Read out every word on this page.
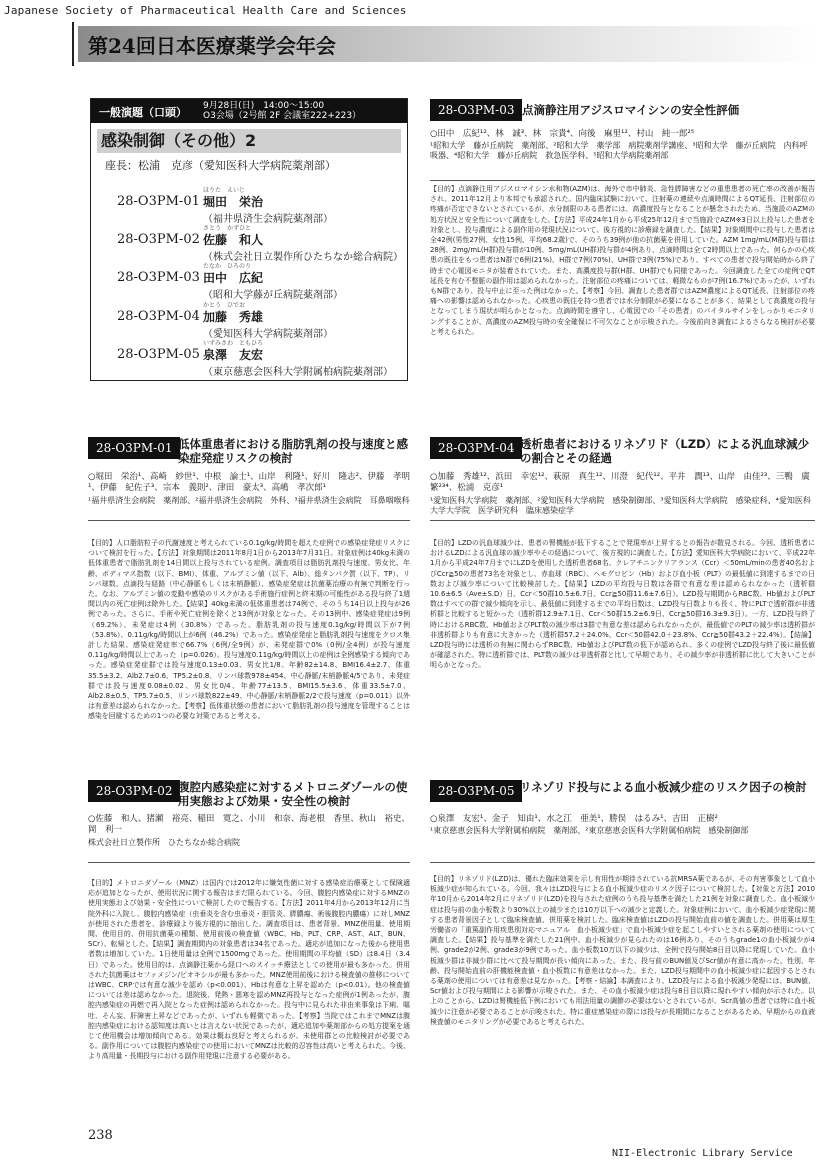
Japanese Society of Pharmaceutical Health Care and Sciences
第24回日本医療薬学会年会
一般演題（口頭） 9月28日(日)　14:00～15:00
O3会場（2号館 2F 会議室222+223）
感染制御（その他）2
座長：松浦　克彦（愛知医科大学病院薬剤部）
28-O3PM-01
ほりた　えいじ
堀田　栄治
（福井県済生会病院薬剤部）
28-O3PM-02
さとう　かずひと
佐藤　和人
（株式会社日立製作所ひたちなか総合病院）
28-O3PM-03
たなか　ひろのり
田中　広紀
（昭和大学藤が丘病院薬剤部）
28-O3PM-04
かとう　ひでお
加藤　秀雄
（愛知医科大学病院薬剤部）
28-O3PM-05
いずみさわ　ともひろ
泉澤　友宏
（東京慈恵会医科大学附属柏病院薬剤部）
28-O3PM-03 点滴静注用アジスロマイシンの安全性評価
○田中　広紀¹²、林　誠³、林　宗貴⁴、向後　麻里¹²、村山　純一郎²⁵
¹昭和大学　藤が丘病院　薬剤部、²昭和大学　薬学部　病院薬剤学講座、³昭和大学　藤が丘病院　内科呼吸器、⁴昭和大学　藤が丘病院　救急医学科、⁵昭和大学病院薬剤部
【目的】点滴静注用アジスロマイシン水和物(AZM)は、海外で市中肺炎、急性膵障害などの重患患者の死亡率の改善が報告され、2011年12月より本邦でも承認された。国内臨床試験において、注射薬の連続や点滴時間によるQT延長、注射部位の疼痛が否定できないとされているが、水分制限のある患者には、高濃度投与となることが懸念されたため、当施設のAZMの処方状況と安全性について調査をした。【方法】平成24年1月から平成25年12月まで当施設でAZM※3日以上投与した患者を対象とし、投与濃度による副作用の発現状況について、後方視的に診療録を調査した。【結果】対象期間中に投与した患者は全42例(男性27例、女性15例、平均68.2歳)で、そのうち39例が他の抗菌薬を併用していた。AZM 1mg/mL(M群)投与群は28例、2mg/mL(H群)投与群が10例、5mg/mL(UH群)投与群が4例あり、点滴時間は全て2時間以上であった。何らかの心疾患の既往をもつ患者はN群で6例(21%)、H群で7例(70%)、UH群で3例(75%)であり、すべての患者で投与開始時から終了時まで心電図モニタが装着されていた。また、高濃度投与群(H群、UH群)でも同様であった。今回調査した全ての症例でQT延長を有む不整脈の副作用は認められなかった。注射部位の疼痛については、軽微なものが7例(16.7%)であったが、いずれもN群であり、投与中止に至った例はなかった。【考察】今回、調査した患者群ではAZM濃度によるQT延長、注射部位の疼痛への影響は認められなかった。心疾患の既往を持つ患者では水分制限が必要になることが多く、結果として高濃度の投与となってしまう現状が明らかとなった。点滴時間を遵守し、心電図での「その患者」のバイタルサインをしっかりモニタリングすることが、高濃度のAZM投与時の安全確保に不可欠なことが示唆された。今後前向き調査によるさらなる検討が必要と考えられた。
28-O3PM-01 低体重患者における脂肪乳剤の投与速度と感染症発症リスクの検討
○堀田　栄治¹、高崎　紗世¹、中根　論士¹、山岸　利隆¹、好川　隆志²、伊藤　孝明¹、伊藤　紀佐子³、宗本　義則²、津田　豪太³、高嶋　孝次郎¹
¹福井県済生会病院　薬剤部、²福井県済生会病院　外科、³福井県済生会病院　耳鼻咽喉科
【目的】人口脂肪粒子の代謝速度と考えられている0.1g/kg/時間を超えた症例での感染症発症リスクについて検討を行った。【方法】対象期間は2011年8月1日から2013年7月31日。対象症例は40kg未満の低体重患者で脂肪乳剤を14日間以上投与されている症例。調査項目は脂肪乳剤投与速度、男女比、年齢、ボディマス指数（以下、BMI）、体重、アルブミン値（以下、Alb）、総タンパク質（以下、TP）、リンパ球数、点滴投与経路（中心静脈もしくは末梢静脈）、感染症発症は抗菌薬治療の有無で判断を行った。なお、アルブミン値の変動や感染のリスクがある手術施行症例と終末期の可能性がある投与終了1週間以内の死亡症例は除外した。【結果】40kg未満の低体重患者は74例で、そのうち14日以上投与が26例であった。さらに、手術や死亡症例を除くと13例が対象となった。その13例中、感染症発症は9例（69.2%）、未発症は4例（30.8%）であった。脂肪乳剤の投与速度0.1g/kg/時間以下が7例（53.8%）、0.11g/kg/時間以上が6例（46.2%）であった。感染症発症と脂肪乳剤投与速度をクロス集計した結果、感染症発症率で66.7%（6例/全9例）が、未発症群で0%（0例/全4例）が投与速度0.11g/kg/時間以上であった（p=0.026）。投与速度0.11g/kg/時間以上の症例は全例感染する傾向であった。感染症発症群では投与速度0.13±0.03、男女比1/8、年齢82±14.8、BMI16.4±2.7、体重35.5±3.2、Alb2.7±0.6、TP5.2±0.8、リンパ球数978±454、中心静脈/末梢静脈4/5であり、未発症群では投与速度0.08±0.02、男女比0/4、年齢77±13.5、BMI15.5±3.6、体重33.5±7.0、Alb2.8±0.5、TP5.7±0.5、リンパ球数822±49、中心静脈/末梢静脈2/2で投与速度（p=0.011）以外は有意差は認められなかった。【考察】低体重状態の患者において脂肪乳剤の投与速度を管理することは感染を回避するための1つの必要な対策であると考える。
28-O3PM-04 透析患者におけるリネゾリド（LZD）による汎血球減少の割合とその経過
○加藤　秀雄¹²、浜田　幸宏¹²、萩原　真生¹²、川澄　紀代¹²、平井　潤¹³、山岸　由佳²³、三鴨　廣繁²³⁴、松浦　克彦¹
¹愛知医科大学病院　薬剤部、²愛知医科大学病院　感染制御部、³愛知医科大学病院　感染症科、⁴愛知医科大学大学院　医学研究科　臨床感染症学
【目的】LZDの汎血球減少は、患者の腎機能が低下することで発現率が上昇するとの報告が散見される。今回、透析患者におけるLZDによる汎血球の減少率やその経過について、後方視的に調査した。【方法】愛知医科大学病院において、平成22年1月から平成24年7月までにLZDを使用した透析患者68名、クレアチニンクリアランス（Ccr）＜50mL/minの患者40名およびCcr≧50の患者73名を対象とし、赤血球（RBC）、ヘモグロビン（Hb）および血小板（PLT）の最低値に到達するまでの日数および減少率について比較検討した。【結果】LZDの平均投与日数は各群で有意な差は認められなかった（透析群10.6±6.5（Ave±S.D）日、Ccr＜50群10.5±6.7日、Ccr≧50群11.6±7.6日）。LZD投与期間からRBC数、Hb値およびPLT数はすべての群で減少傾向を示し、最低値に到達するまでの平均日数は、LZD投与日数よりも長く、特にPLTで透析群が非透析群と比較すると短かった（透析群12.9±7.1日、Ccr＜50群15.2±6.9日、Ccr≧50群16.3±9.3日）。一方、LZD投与終了時におけるRBC数、Hb値およびPLT数の減少率は3群で有意な差は認められなかったが、最低値でのPLTの減少率は透析群が非透析群よりも有意に大きかった（透析群57.2＋24.0%、Ccr＜50群42.0＋23.8%、Ccr≧50群43.2＋22.4%）。【結論】LZD投与時には透析の有無に関わらずRBC数、Hb値およびPLT数の低下が認められ、多くの症例でLZD投与終了後に最低値が確認された。特に透析群では、PLT数の減少は非透析群と比して早期であり、その減少率が非透析群に比して大きいことが明らかとなった。
28-O3PM-02 腹腔内感染症に対するメトロニダゾールの使用実態および効果・安全性の検討
○佐藤　和人、猪瀬　裕亮、稲田　寛之、小川　和奈、海老根　香里、秋山　裕史、岡　利一
株式会社日立製作所　ひたちなか総合病院
【目的】メトロニダゾール（MNZ）は国内では2012年に嫌気性菌に対する感染症治療薬として保険適応が追加となったが、使用状況に関する報告はまだ限られている。今回、腹腔内感染症に対するMNZの使用実態および効果・安全性について検討したので報告する。【方法】2011年4月から2013年12月に当院外科に入院し、腹腔内感染症（虫垂炎を含む虫垂炎・胆管炎、膵膿瘍、術後腹腔内膿瘍）に対しMNZが使用された患者を、診療録より後方視的に抽出した。調査項目は、患者背景、MNZ使用量、使用期間、使用目的、併用抗菌薬の種類、使用前後の検査値（WBC、Hb、PLT、CRP、AST、ALT、BUN、SCr）、転帰とした。【結果】調査期間内の対象患者は34名であった。適応が追加になった後から使用患者数は増加していた。1日使用量は全例で1500mgであった。使用期間の平均値（SD）は8.4日（3.4日）であった。使用目的は、点滴静注薬から経口へのスイッチ療法としての使用が最も多かった。併用された抗菌薬はセファメジン/ピオキシルが最も多かった。MNZ使用前後における検査値の推移についてはWBC、CRPでは有意な減少を認め（p<0.001）、Hbは有意な上昇を認めた（p<0.01）。他の検査値については差は認めなかった。退院後、発熱・悪寒を認めMNZ再投与となった症例が1例あったが、腹腔内感染症の再燃で再入院となった症例は認められなかった。投与中に見られた非由来事象は下痢、嘔吐、そん妄、肝障害上昇などであったが、いずれも軽微であった。【考察】当院ではこれまでMNZは腹腔内感染症における認知度は高いとは言えない状況であったが、適応追加や薬剤部からの処方提案を通じて使用機会は増加傾向である。効果は概ね良好と考えられるが、未使用群との比較検討が必要である。副作用については腹腔内感染症での使用においてMNZは比較的忍容性は高いと考えられた。今後、より高用量・長期投与における副作用発現に注意する必要がある。
28-O3PM-05 リネゾリド投与による血小板減少症のリスク因子の検討
○泉澤　友宏¹、金子　知由¹、水之江　亜美¹、勝俣　はるみ¹、吉田　正樹²
¹東京慈恵会医科大学附属柏病院　薬剤部、²東京慈恵会医科大学附属柏病院　感染制御部
【目的】リネゾリド(LZD)は、優れた臨床効果を示し有用性が期待されている抗MRSA薬であるが、その有害事象として血小板減少症が知られている。今回、我々はLZD投与による血小板減少症のリスク因子について検討した。【対象と方法】2010年10月から2014年2月にリネゾリド(LZD)を投与された症例のうち投与基準を満たした21例を対象に調査した。血小板減少症は投与前の血小板数より30%以上の減少または10万以下への減少と定義した。対象症例において、血小板減少症発現に関する患者背景因子として臨床検査値、併用薬を検討した。臨床検査値はLZDの投与開始直前の値を調査した。併用薬は厚生労働省の「重篤副作用疾患別対応マニュアル　血小板減少症」で血小板減少症を起こしやすいとされる薬剤の使用について調査した。【結果】投与基準を満たした21例中、血小板減少が見られたのは16例あり、そのうちgrade1の血小板減少が4例、grade2が2例、grade3が9例であった。血小板数10万以下の減少は、全例で投与開始8日目以降に発現していた。血小板減少群は非減少群に比べて投与期間が長い傾向にあった。また、投与前のBUN値及びScr値が有意に高かった。性別、年齢、投与開始直前の肝機能検査値・血小板数に有意差はなかった。また、LZD投与期間中の血小板減少症に起因するとされる薬剤の使用については有意差は見なかった。【考察・結論】本調査により、LZD投与による血小板減少発現には、BUN値、Scr値および投与期間による影響が示唆された。また、その血小板減少症は投与8日目以降に現れやすい傾向が示された。以上のことから、LZDは腎機能低下例においても用法用量の調節の必要はないとされているが、Scr高値の患者では特に血小板減少に注意が必要であることが示唆された。特に重症感染症の際には投与が長期間になることがあるため、早期からの血液検査値のモニタリングが必要であると考えられた。
238
NII-Electronic Library Service
